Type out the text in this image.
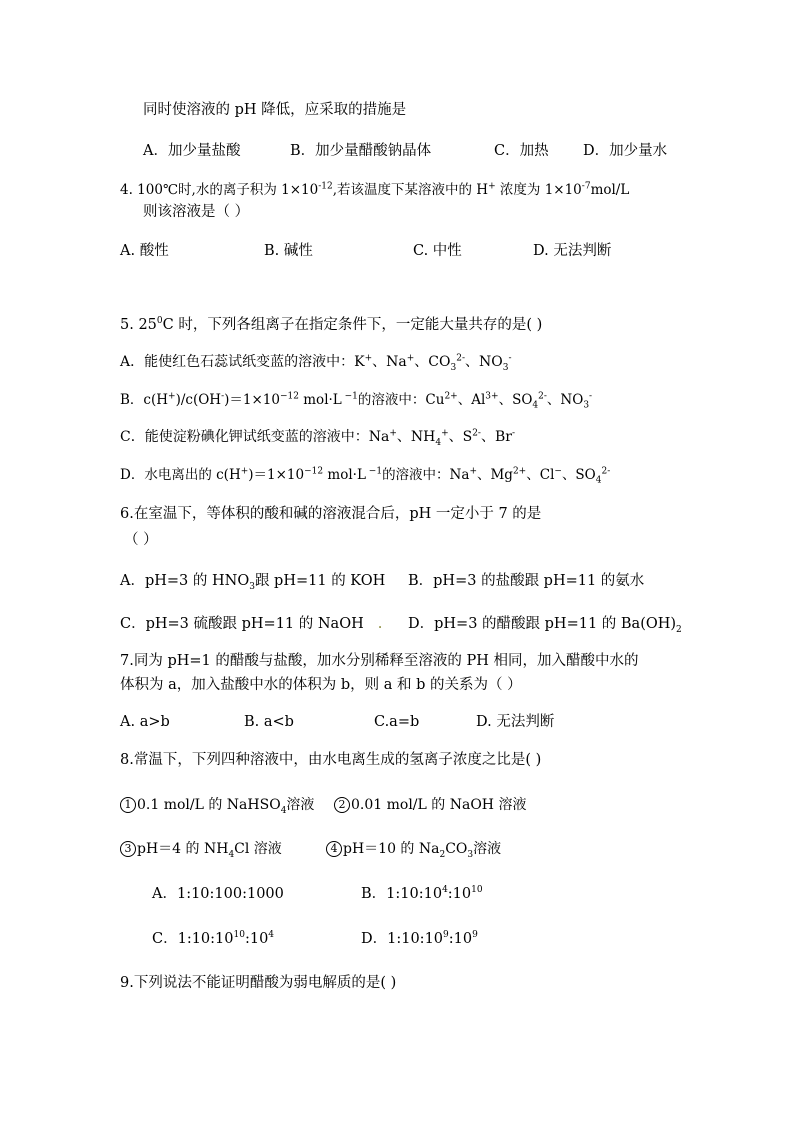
同时使溶液的 pH 降低，应采取的措施是
A．加少量盐酸	B．加少量醋酸钠晶体	C．加热 D．加少量水
4. 100℃时,水的离子积为 $1\times 10^{-12}$,若该温度下某溶液中的 H+ 浓度为 $1\times 10^{-7}mol/L$
则该溶液是（ ）
A. 酸性	B. 碱性	C. 中性	D. 无法判断
5. $25^0C$ 时，下列各组离子在指定条件下，一定能大量共存的是( )
A．能使红色石蕊试纸变蓝的溶液中：K+、Na+、$CO_3^{2-}$、$NO_3^-$
B．$c(H^+)/c(OH^-)=1\times 10^{-12}$ mol·L $^{-1}$的溶液中：$Cu^{2+}$、$Al^{3+}$、$SO_4^{2-}$、$NO_3^-$
C．能使淀粉碘化钾试纸变蓝的溶液中：Na+、$NH_4^+$、$S^{2-}$、Br-
D．水电离出的 $c(H^+)=1\times 10^{-12}$ mol·L $^{-1}$的溶液中：Na+、$Mg^{2+}$、Cl−、$SO_4^{2-}$
6.在室温下，等体积的酸和碱的溶液混合后，pH 一定小于 7 的是
（ ）
A．pH=3 的 $HNO_3$跟 pH=11 的 KOH B．pH=3 的盐酸跟 pH=11 的氨水
C．pH=3 硫酸跟 pH=11 的 NaOH . D．pH=3 的醋酸跟 pH=11 的 $Ba(OH)_2$
7.同为 pH=1 的醋酸与盐酸，加水分别稀释至溶液的 PH 相同，加入醋酸中水的
体积为 a，加入盐酸中水的体积为 b，则 a 和 b 的关系为（ ）
A. a>b	B. a<b	C.a=b	D. 无法判断
8.常温下，下列四种溶液中，由水电离生成的氢离子浓度之比是( )
1 0.1 mol/L 的 NaHSO$_4$溶液	2 0.01 mol/L 的 NaOH 溶液
3 pH＝4 的 $NH_4Cl$ 溶液	4 pH＝10 的 $Na_2CO_3$溶液
A．1:10:100:1000	B．$1:10:10^4:10^{10}$
C．$1:10:10^{10}:10^4$	D．$1:10:10^9:10^9$
9.下列说法不能证明醋酸为弱电解质的是( )
